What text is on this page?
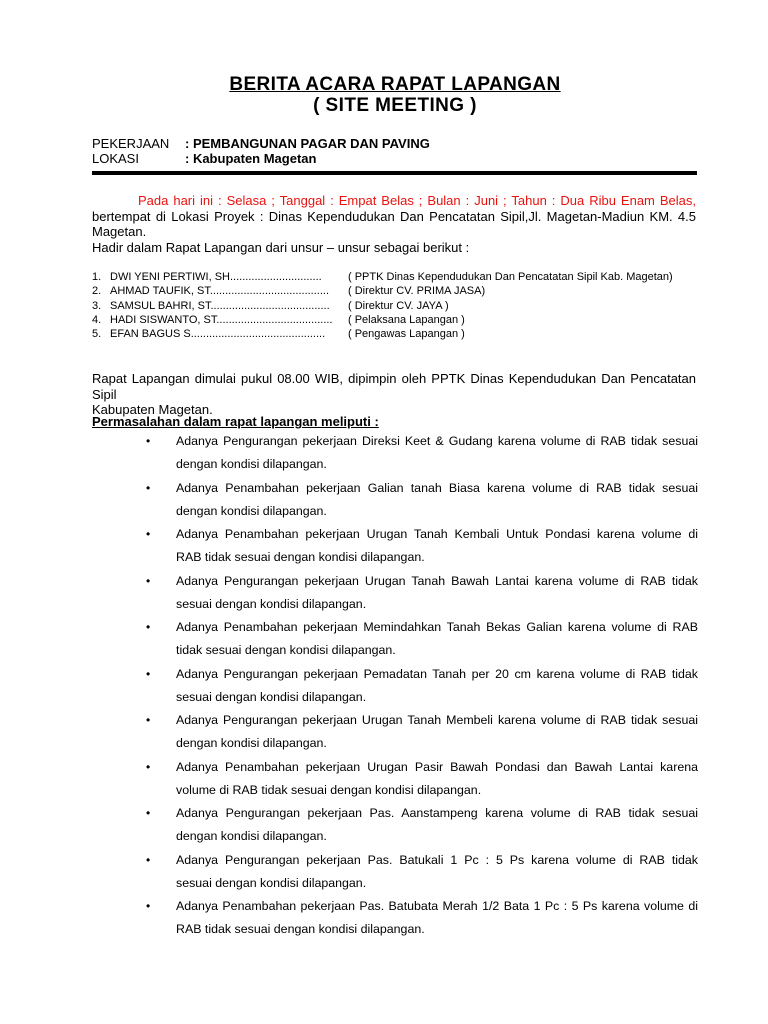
BERITA ACARA RAPAT LAPANGAN
( SITE MEETING )
PEKERJAAN : PEMBANGUNAN PAGAR DAN PAVING
LOKASI	: Kabupaten Magetan
Pada hari ini : Selasa ; Tanggal : Empat Belas ; Bulan : Juni ; Tahun : Dua Ribu Enam Belas,
bertempat di Lokasi Proyek : Dinas Kependudukan Dan Pencatatan Sipil,Jl. Magetan-Madiun KM. 4.5
Magetan.
Hadir dalam Rapat Lapangan dari unsur – unsur sebagai berikut :
1. DWI YENI PERTIWI, SH..............................	( PPTK Dinas Kependudukan Dan Pencatatan Sipil Kab. Magetan)
2. AHMAD TAUFIK, ST.......................................	( Direktur CV. PRIMA JASA)
3. SAMSUL BAHRI, ST.......................................	( Direktur CV. JAYA )
4. HADI SISWANTO, ST......................................	( Pelaksana Lapangan )
5. EFAN BAGUS S............................................	( Pengawas Lapangan )
Rapat Lapangan dimulai pukul 08.00 WIB, dipimpin oleh PPTK Dinas Kependudukan Dan Pencatatan Sipil
Kabupaten Magetan.
Permasalahan dalam rapat lapangan meliputi :
• Adanya Pengurangan pekerjaan Direksi Keet & Gudang karena volume di RAB tidak sesuai
dengan kondisi dilapangan.
• Adanya Penambahan pekerjaan Galian tanah Biasa karena volume di RAB tidak sesuai
dengan kondisi dilapangan.
• Adanya Penambahan pekerjaan Urugan Tanah Kembali Untuk Pondasi karena volume di
RAB tidak sesuai dengan kondisi dilapangan.
• Adanya Pengurangan pekerjaan Urugan Tanah Bawah Lantai karena volume di RAB tidak
sesuai dengan kondisi dilapangan.
• Adanya Penambahan pekerjaan Memindahkan Tanah Bekas Galian karena volume di RAB
tidak sesuai dengan kondisi dilapangan.
• Adanya Pengurangan pekerjaan Pemadatan Tanah per 20 cm karena volume di RAB tidak
sesuai dengan kondisi dilapangan.
• Adanya Pengurangan pekerjaan Urugan Tanah Membeli karena volume di RAB tidak sesuai
dengan kondisi dilapangan.
• Adanya Penambahan pekerjaan Urugan Pasir Bawah Pondasi dan Bawah Lantai karena
volume di RAB tidak sesuai dengan kondisi dilapangan.
• Adanya Pengurangan pekerjaan Pas. Aanstampeng karena volume di RAB tidak sesuai
dengan kondisi dilapangan.
• Adanya Pengurangan pekerjaan Pas. Batukali 1 Pc : 5 Ps karena volume di RAB tidak
sesuai dengan kondisi dilapangan.
• Adanya Penambahan pekerjaan Pas. Batubata Merah 1/2 Bata 1 Pc : 5 Ps karena volume di
RAB tidak sesuai dengan kondisi dilapangan.
